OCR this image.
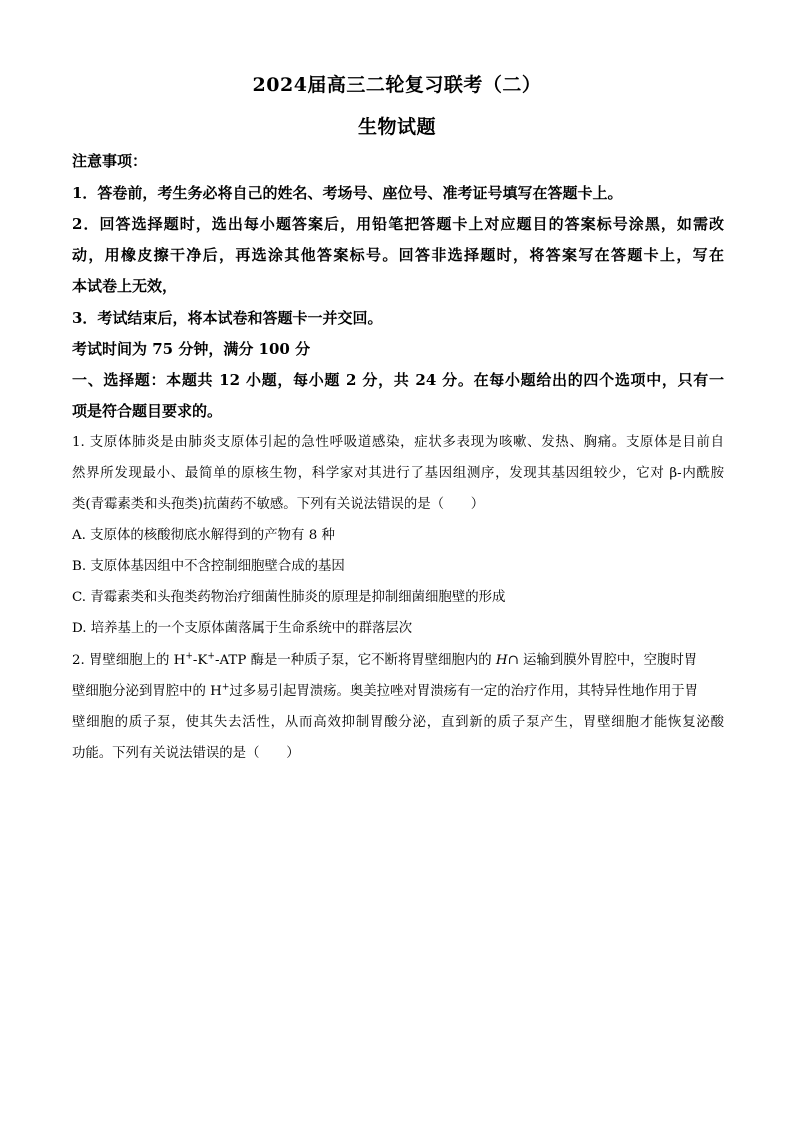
2024届高三二轮复习联考（二）
生物试题
注意事项：
1．答卷前，考生务必将自己的姓名、考场号、座位号、准考证号填写在答题卡上。
2．回答选择题时，选出每小题答案后，用铅笔把答题卡上对应题目的答案标号涂黑，如需改
动，用橡皮擦干净后，再选涂其他答案标号。回答非选择题时，将答案写在答题卡上，写在
本试卷上无效，
3．考试结束后，将本试卷和答题卡一并交回。
考试时间为 75 分钟，满分 100 分
一、选择题：本题共 12 小题，每小题 2 分，共 24 分。在每小题给出的四个选项中，只有一
项是符合题目要求的。
1. 支原体肺炎是由肺炎支原体引起的急性呼吸道感染，症状多表现为咳嗽、发热、胸痛。支原体是目前自
然界所发现最小、最简单的原核生物，科学家对其进行了基因组测序，发现其基因组较少，它对 β-内酰胺
类(青霉素类和头孢类)抗菌药不敏感。下列有关说法错误的是（　　）
A. 支原体的核酸彻底水解得到的产物有 8 种
B. 支原体基因组中不含控制细胞壁合成的基因
C. 青霉素类和头孢类药物治疗细菌性肺炎的原理是抑制细菌细胞壁的形成
D. 培养基上的一个支原体菌落属于生命系统中的群落层次
2. 胃壁细胞上的 H+-K+-ATP 酶是一种质子泵，它不断将胃壁细胞内的 H∩ 运输到膜外胃腔中，空腹时胃
壁细胞分泌到胃腔中的 H+过多易引起胃溃疡。奥美拉唑对胃溃疡有一定的治疗作用，其特异性地作用于胃
壁细胞的质子泵，使其失去活性，从而高效抑制胃酸分泌，直到新的质子泵产生，胃壁细胞才能恢复泌酸
功能。下列有关说法错误的是（　　）
